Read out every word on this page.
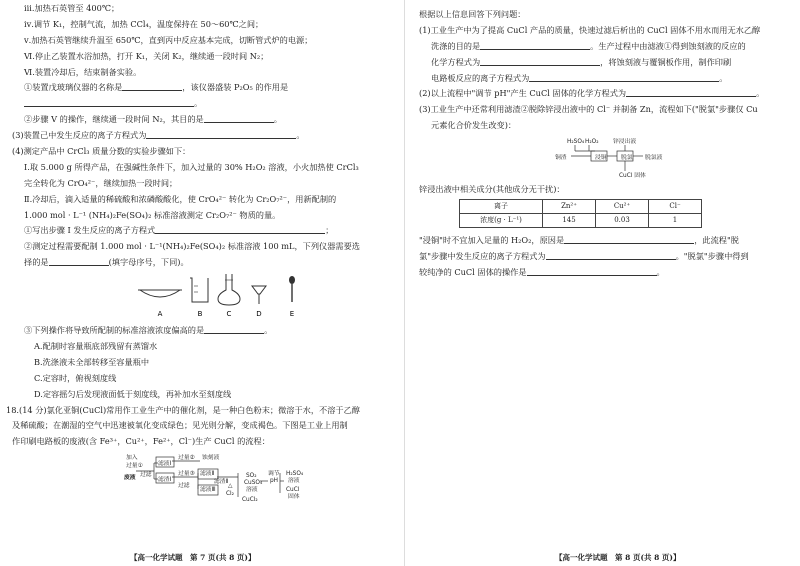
ⅲ.加热石英管至 400℃；
ⅳ.调节 K₁，控制气流，加热 CCl₄，温度保持在 50～60℃之间；
ⅴ.加热石英管继续升温至 650℃，直到丙中反应基本完成，切断管式炉的电源；
Ⅵ.停止乙装置水浴加热，打开 K₁，关闭 K₂，继续通一段时间 N₂；
Ⅵ.装置冷却后，结束制备实验。
①装置戊玻璃仪器的名称是	，该仪器盛装 P₂O₅ 的作用是
。
②步骤 Ⅴ 的操作，继续通一段时间 N₂，其目的是	。
(3)装置己中发生反应的离子方程式为	。
(4)测定产品中 CrCl₃ 质量分数的实验步骤如下：
Ⅰ.取 5.000 g 所得产品，在强碱性条件下，加入过量的 30% H₂O₂ 溶液，小火加热使 CrCl₃
完全转化为 CrO₄²⁻，继续加热一段时间；
Ⅱ.冷却后，滴入适量的稀硫酸和浓磷酸酸化，使 CrO₄²⁻ 转化为 Cr₂O₇²⁻，用新配制的
1.000 mol · L⁻¹ (NH₄)₂Fe(SO₄)₂ 标准溶液测定 Cr₂O₇²⁻ 物质的量。
①写出步骤 Ⅰ 发生反应的离子方程式	；
②测定过程需要配制 1.000 mol · L⁻¹(NH₄)₂Fe(SO₄)₂ 标准溶液 100 mL，下列仪器需要选
择的是	(填字母序号，下同)。
A	B	C	D	E
③下列操作将导致所配制的标准溶液浓度偏高的是	。
A.配制时容量瓶底部残留有蒸馏水
B.洗涤液未全部转移至容量瓶中
C.定容时，俯视刻度线
D.定容摇匀后发现液面低于刻度线，再补加水至刻度线
18.(14 分)氯化亚铜(CuCl)常用作工业生产中的催化剂，是一种白色粉末；微溶于水，不溶于乙醇
及稀硫酸；在潮湿的空气中迅速被氧化变成绿色；见光则分解，变成褐色。下图是工业上用制
作印刷电路板的废液(含 Fe³⁺，Cu²⁺，Fe²⁺，Cl⁻)生产 CuCl 的流程：
废液
加入
过量①
过滤
滤液Ⅰ
过量② 蚀刻液
滤渣Ⅰ
过量③
过滤
滤液Ⅱ
滤液Ⅲ
滤渣Ⅱ
△
Cl₂
SO₂
CuSO₄
溶液
CuCl₂
调节
pH
H₂SO₄
溶液
CuCl
固体
【高一化学试题　第 7 页(共 8 页)】
根据以上信息回答下列问题：
(1)工业生产中为了提高 CuCl 产品的质量，快速过滤后析出的 CuCl 固体不用水而用无水乙醇
洗涤的目的是	。生产过程中由滤液①得到蚀刻液的反应的
化学方程式为	，将蚀刻液与覆铜板作用，制作印刷
电路板反应的离子方程式为	。
(2)以上流程中"调节 pH"产生 CuCl 固体的化学方程式为	。
(3)工业生产中还常利用滤渣②脱除锌浸出液中的 Cl⁻ 并制备 Zn，流程如下("脱氯"步骤仅 Cu
元素化合价发生改变)：
H₂SO₄ H₂O₂ 锌浸出液
铜渣	浸铜 脱氯 脱氯液
CuCl 固体
锌浸出液中相关成分(其他成分无干扰)：
离子	Zn²⁺	Cu²⁺	Cl⁻
浓度(g · L⁻¹)	145	0.03	1
"浸铜"时不宜加入足量的 H₂O₂，原因是	，此流程"脱
氯"步骤中发生反应的离子方程式为	。"脱氯"步骤中得到
较纯净的 CuCl 固体的操作是	。
【高一化学试题　第 8 页(共 8 页)】
